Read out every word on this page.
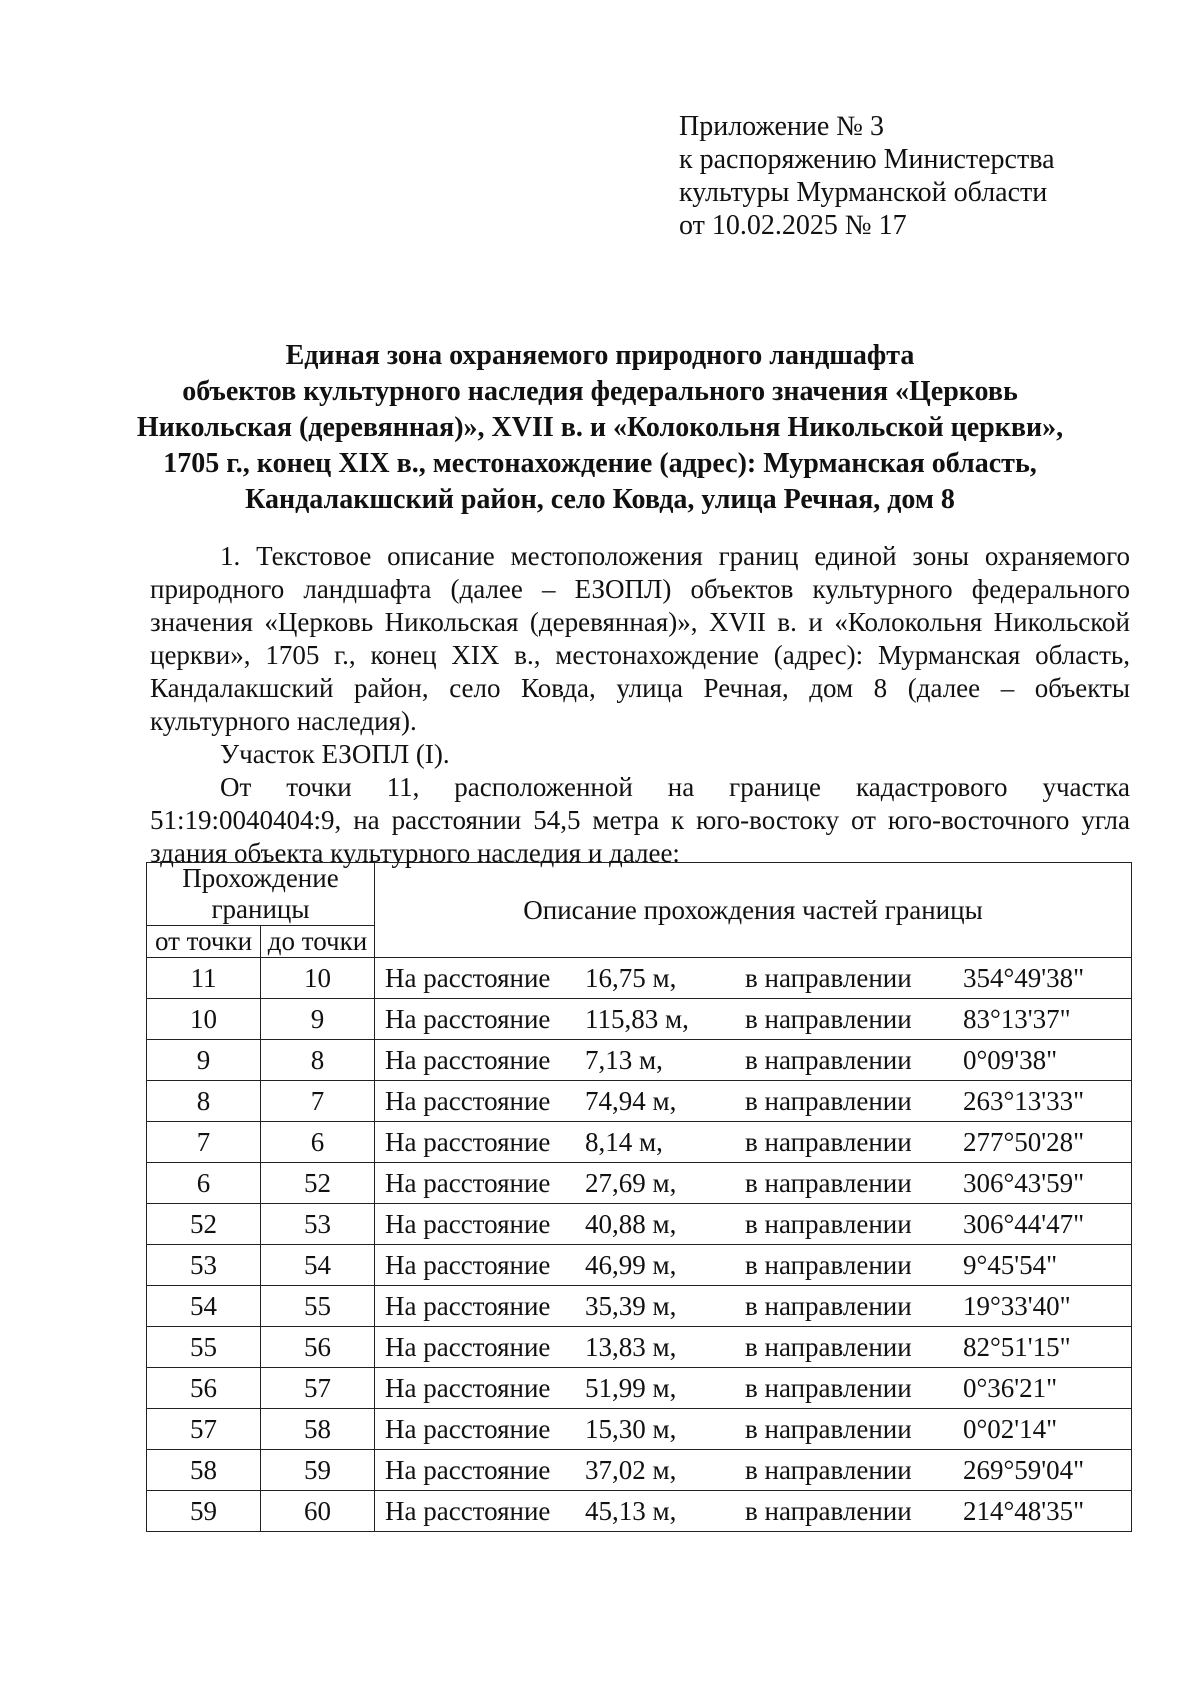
Приложение № 3
к распоряжению Министерства
культуры Мурманской области
от 10.02.2025 № 17
Единая зона охраняемого природного ландшафта
объектов культурного наследия федерального значения «Церковь
Никольская (деревянная)», XVII в. и «Колокольня Никольской церкви»,
1705 г., конец XIX в., местонахождение (адрес): Мурманская область,
Кандалакшский район, село Ковда, улица Речная, дом 8

1. Текстовое описание местоположения границ единой зоны охраняемого природного ландшафта (далее – ЕЗОПЛ) объектов культурного федерального значения «Церковь Никольская (деревянная)», XVII в. и «Колокольня Никольской церкви», 1705 г., конец XIX в., местонахождение (адрес): Мурманская область, Кандалакшский район, село Ковда, улица Речная, дом 8 (далее – объекты культурного наследия).

Участок ЕЗОПЛ (I).

От точки 11, расположенной на границе кадастрового участка 51:19:0040404:9, на расстоянии 54,5 метра к юго-востоку от юго-восточного угла здания объекта культурного наследия и далее:

Прохождение границы		Описание прохождения частей границы
от точки	до точки	
11	10	На расстояние 16,75 м, в направлении 354°49'38"
10	9	На расстояние 115,83 м, в направлении 83°13'37"
9	8	На расстояние 7,13 м, в направлении 0°09'38"
8	7	На расстояние 74,94 м, в направлении 263°13'33"
7	6	На расстояние 8,14 м, в направлении 277°50'28"
6	52	На расстояние 27,69 м, в направлении 306°43'59"
52	53	На расстояние 40,88 м, в направлении 306°44'47"
53	54	На расстояние 46,99 м, в направлении 9°45'54"
54	55	На расстояние 35,39 м, в направлении 19°33'40"
55	56	На расстояние 13,83 м, в направлении 82°51'15"
56	57	На расстояние 51,99 м, в направлении 0°36'21"
57	58	На расстояние 15,30 м, в направлении 0°02'14"
58	59	На расстояние 37,02 м, в направлении 269°59'04"
59	60	На расстояние 45,13 м, в направлении 214°48'35"
